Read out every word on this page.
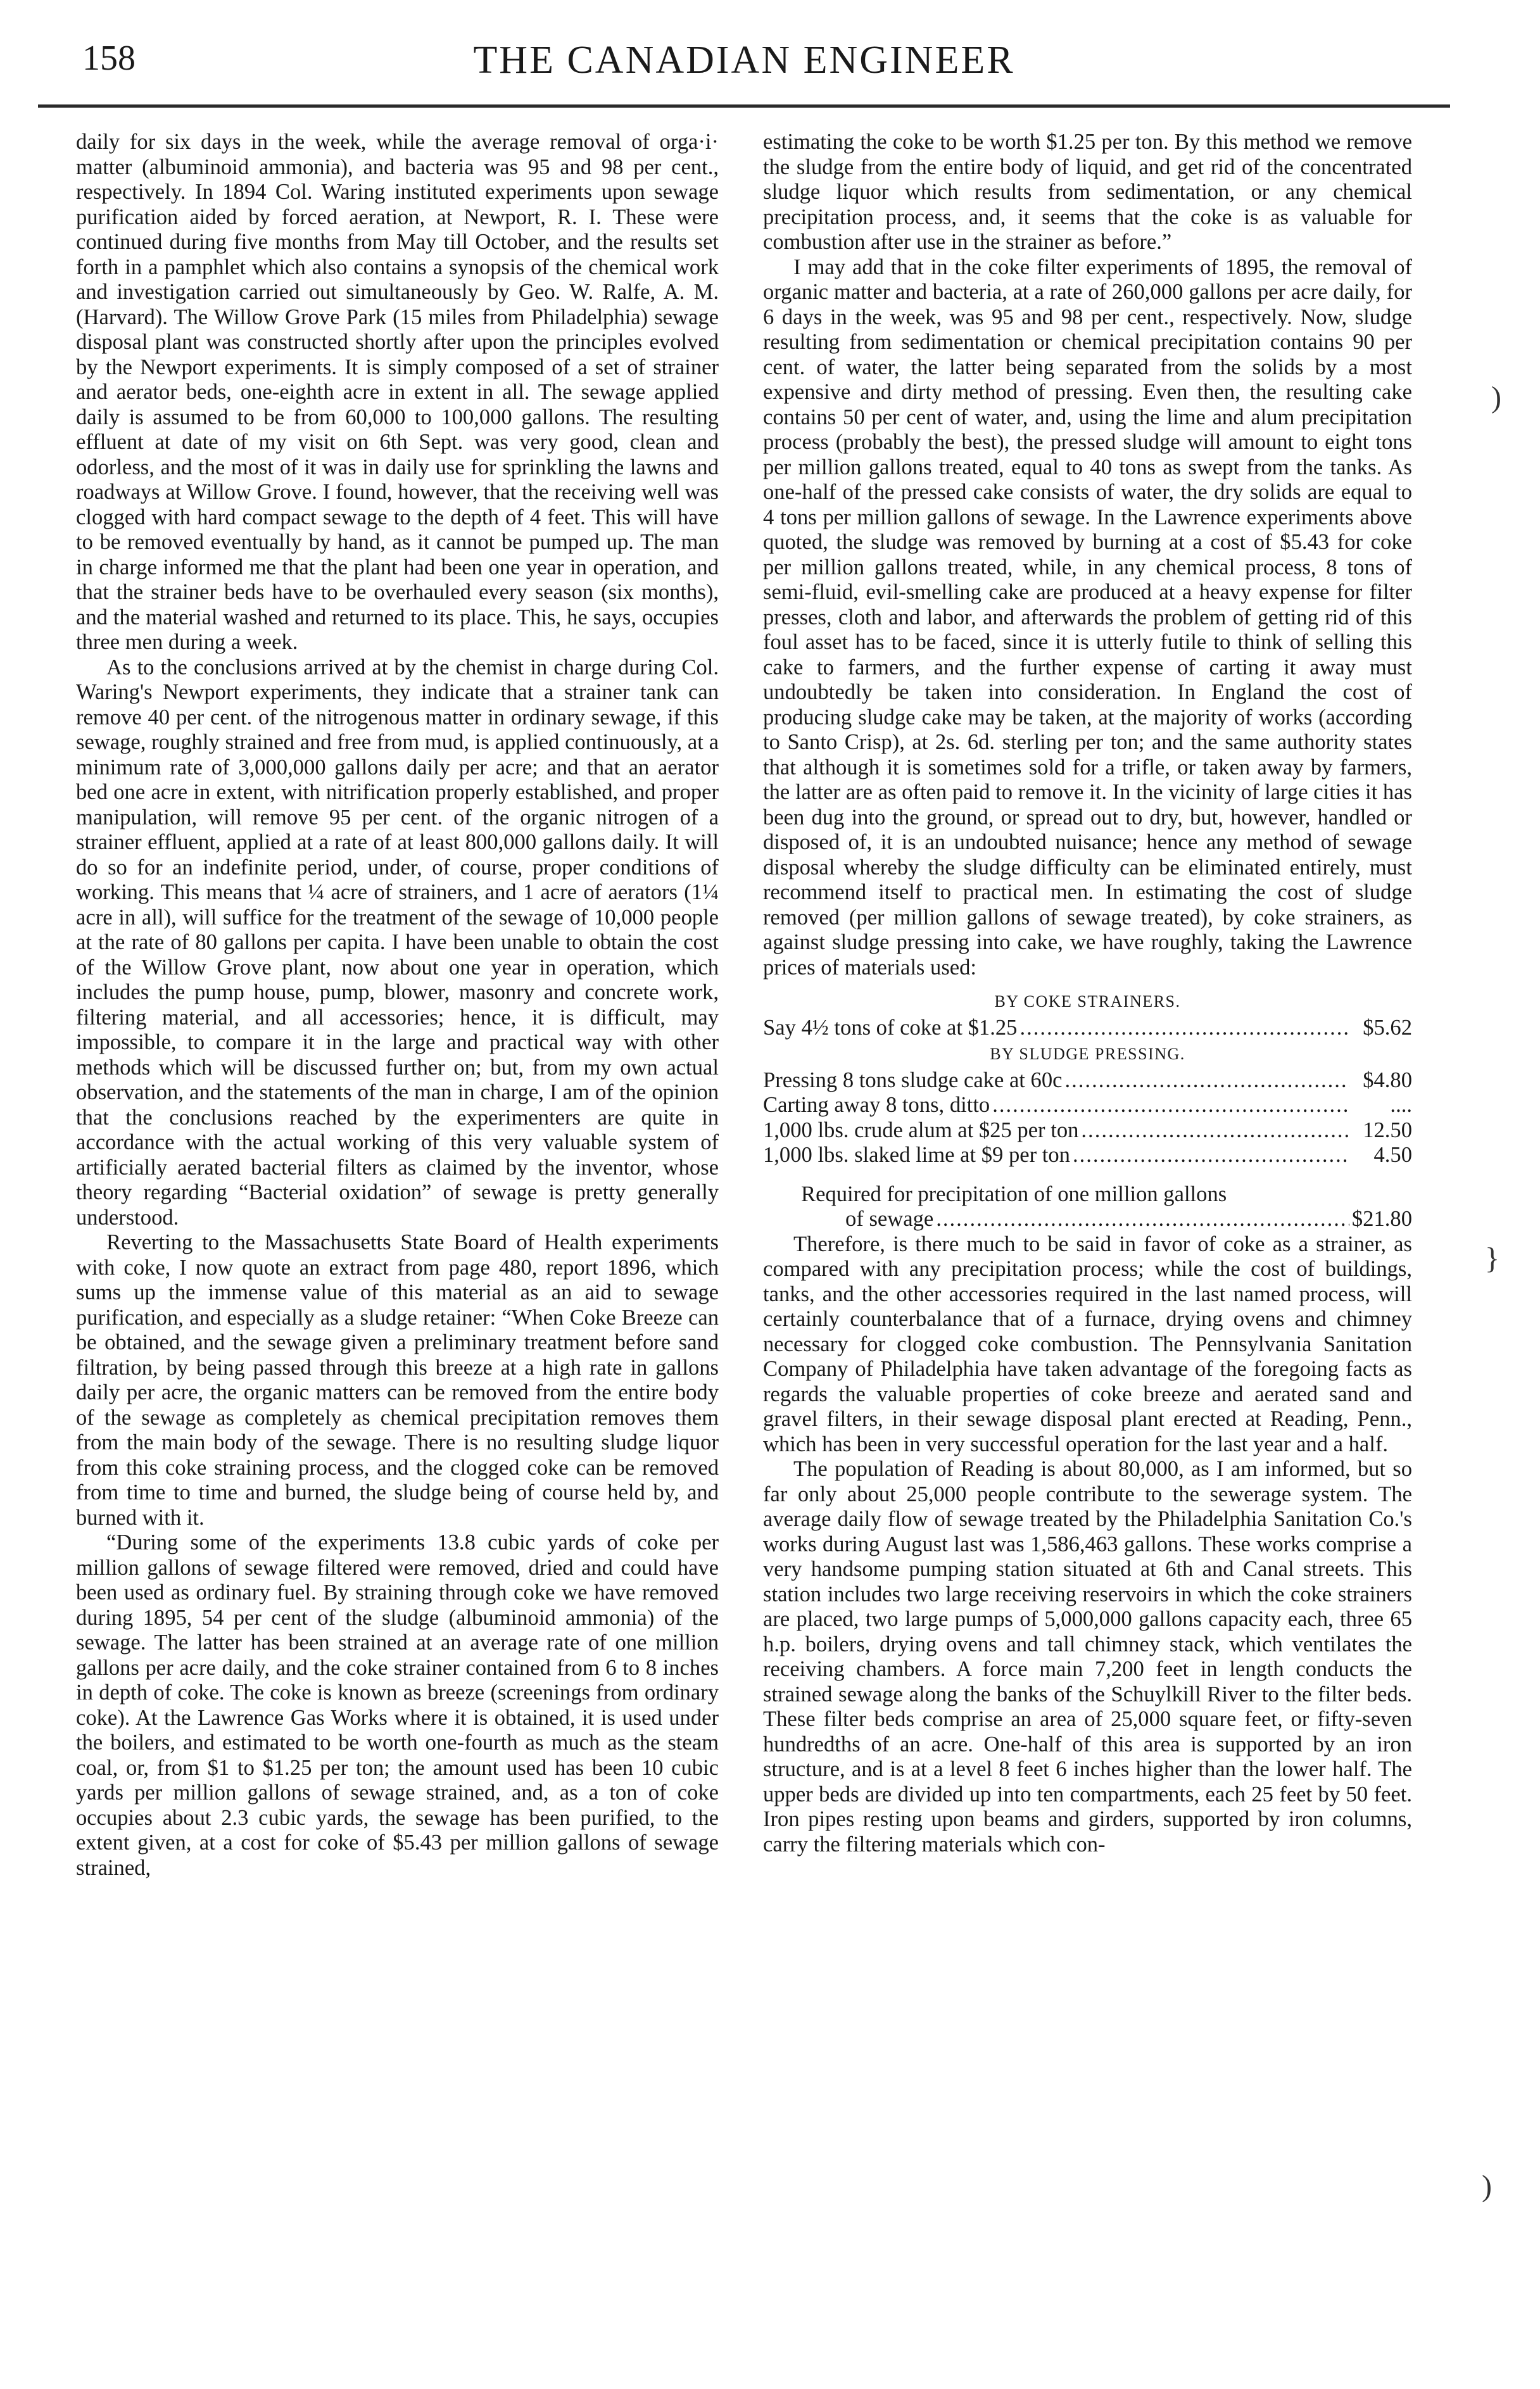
158	THE CANADIAN ENGINEER

daily for six days in the week, while the average removal of orga·i· matter (albuminoid ammonia), and bacteria was 95 and 98 per cent., respectively. In 1894 Col. Waring instituted experiments upon sewage purification aided by forced aeration, at Newport, R. I. These were continued during five months from May till October, and the results set forth in a pamphlet which also contains a synopsis of the chemical work and investigation carried out simultaneously by Geo. W. Ralfe, A. M. (Harvard). The Willow Grove Park (15 miles from Philadelphia) sewage disposal plant was constructed shortly after upon the principles evolved by the Newport experiments. It is simply composed of a set of strainer and aerator beds, one-eighth acre in extent in all. The sewage applied daily is assumed to be from 60,000 to 100,000 gallons. The resulting effluent at date of my visit on 6th Sept. was very good, clean and odorless, and the most of it was in daily use for sprinkling the lawns and roadways at Willow Grove. I found, however, that the receiving well was clogged with hard compact sewage to the depth of 4 feet. This will have to be removed eventually by hand, as it cannot be pumped up. The man in charge informed me that the plant had been one year in operation, and that the strainer beds have to be overhauled every season (six months), and the material washed and returned to its place. This, he says, occupies three men during a week.

As to the conclusions arrived at by the chemist in charge during Col. Waring's Newport experiments, they indicate that a strainer tank can remove 40 per cent. of the nitrogenous matter in ordinary sewage, if this sewage, roughly strained and free from mud, is applied continuously, at a minimum rate of 3,000,000 gallons daily per acre; and that an aerator bed one acre in extent, with nitrification properly established, and proper manipulation, will remove 95 per cent. of the organic nitrogen of a strainer effluent, applied at a rate of at least 800,000 gallons daily. It will do so for an indefinite period, under, of course, proper conditions of working. This means that ¼ acre of strainers, and 1 acre of aerators (1¼ acre in all), will suffice for the treatment of the sewage of 10,000 people at the rate of 80 gallons per capita. I have been unable to obtain the cost of the Willow Grove plant, now about one year in operation, which includes the pump house, pump, blower, masonry and concrete work, filtering material, and all accessories; hence, it is difficult, may impossible, to compare it in the large and practical way with other methods which will be discussed further on; but, from my own actual observation, and the statements of the man in charge, I am of the opinion that the conclusions reached by the experimenters are quite in accordance with the actual working of this very valuable system of artificially aerated bacterial filters as claimed by the inventor, whose theory regarding “Bacterial oxidation” of sewage is pretty generally understood.

Reverting to the Massachusetts State Board of Health experiments with coke, I now quote an extract from page 480, report 1896, which sums up the immense value of this material as an aid to sewage purification, and especially as a sludge retainer: “When Coke Breeze can be obtained, and the sewage given a preliminary treatment before sand filtration, by being passed through this breeze at a high rate in gallons daily per acre, the organic matters can be removed from the entire body of the sewage as completely as chemical precipitation removes them from the main body of the sewage. There is no resulting sludge liquor from this coke straining process, and the clogged coke can be removed from time to time and burned, the sludge being of course held by, and burned with it.

“During some of the experiments 13.8 cubic yards of coke per million gallons of sewage filtered were removed, dried and could have been used as ordinary fuel. By straining through coke we have removed during 1895, 54 per cent of the sludge (albuminoid ammonia) of the sewage. The latter has been strained at an average rate of one million gallons per acre daily, and the coke strainer contained from 6 to 8 inches in depth of coke. The coke is known as breeze (screenings from ordinary coke). At the Lawrence Gas Works where it is obtained, it is used under the boilers, and estimated to be worth one-fourth as much as the steam coal, or, from $1 to $1.25 per ton; the amount used has been 10 cubic yards per million gallons of sewage strained, and, as a ton of coke occupies about 2.3 cubic yards, the sewage has been purified, to the extent given, at a cost for coke of $5.43 per million gallons of sewage strained,

estimating the coke to be worth $1.25 per ton. By this method we remove the sludge from the entire body of liquid, and get rid of the concentrated sludge liquor which results from sedimentation, or any chemical precipitation process, and, it seems that the coke is as valuable for combustion after use in the strainer as before.”

I may add that in the coke filter experiments of 1895, the removal of organic matter and bacteria, at a rate of 260,000 gallons per acre daily, for 6 days in the week, was 95 and 98 per cent., respectively. Now, sludge resulting from sedimentation or chemical precipitation contains 90 per cent. of water, the latter being separated from the solids by a most expensive and dirty method of pressing. Even then, the resulting cake contains 50 per cent of water, and, using the lime and alum precipitation process (probably the best), the pressed sludge will amount to eight tons per million gallons treated, equal to 40 tons as swept from the tanks. As one-half of the pressed cake consists of water, the dry solids are equal to 4 tons per million gallons of sewage. In the Lawrence experiments above quoted, the sludge was removed by burning at a cost of $5.43 for coke per million gallons treated, while, in any chemical process, 8 tons of semi-fluid, evil-smelling cake are produced at a heavy expense for filter presses, cloth and labor, and afterwards the problem of getting rid of this foul asset has to be faced, since it is utterly futile to think of selling this cake to farmers, and the further expense of carting it away must undoubtedly be taken into consideration. In England the cost of producing sludge cake may be taken, at the majority of works (according to Santo Crisp), at 2s. 6d. sterling per ton; and the same authority states that although it is sometimes sold for a trifle, or taken away by farmers, the latter are as often paid to remove it. In the vicinity of large cities it has been dug into the ground, or spread out to dry, but, however, handled or disposed of, it is an undoubted nuisance; hence any method of sewage disposal whereby the sludge difficulty can be eliminated entirely, must recommend itself to practical men. In estimating the cost of sludge removed (per million gallons of sewage treated), by coke strainers, as against sludge pressing into cake, we have roughly, taking the Lawrence prices of materials used:

BY COKE STRAINERS.
Say 4½ tons of coke at $1.25 .....	$5.62
BY SLUDGE PRESSING.
Pressing 8 tons sludge cake at 60c .....	$4.80
Carting away 8 tons, ditto .....	....
1,000 lbs. crude alum at $25 per ton .....	12.50
1,000 lbs. slaked lime at $9 per ton .....	4.50

Required for precipitation of one million gallons

of sewage .....	$21.80

Therefore, is there much to be said in favor of coke as a strainer, as compared with any precipitation process; while the cost of buildings, tanks, and the other accessories required in the last named process, will certainly counterbalance that of a furnace, drying ovens and chimney necessary for clogged coke combustion. The Pennsylvania Sanitation Company of Philadelphia have taken advantage of the foregoing facts as regards the valuable properties of coke breeze and aerated sand and gravel filters, in their sewage disposal plant erected at Reading, Penn., which has been in very successful operation for the last year and a half.

The population of Reading is about 80,000, as I am informed, but so far only about 25,000 people contribute to the sewerage system. The average daily flow of sewage treated by the Philadelphia Sanitation Co.'s works during August last was 1,586,463 gallons. These works comprise a very handsome pumping station situated at 6th and Canal streets. This station includes two large receiving reservoirs in which the coke strainers are placed, two large pumps of 5,000,000 gallons capacity each, three 65 h.p. boilers, drying ovens and tall chimney stack, which ventilates the receiving chambers. A force main 7,200 feet in length conducts the strained sewage along the banks of the Schuylkill River to the filter beds. These filter beds comprise an area of 25,000 square feet, or fifty-seven hundredths of an acre. One-half of this area is supported by an iron structure, and is at a level 8 feet 6 inches higher than the lower half. The upper beds are divided up into ten compartments, each 25 feet by 50 feet. Iron pipes resting upon beams and girders, supported by iron columns, carry the filtering materials which con-

)
}
)
